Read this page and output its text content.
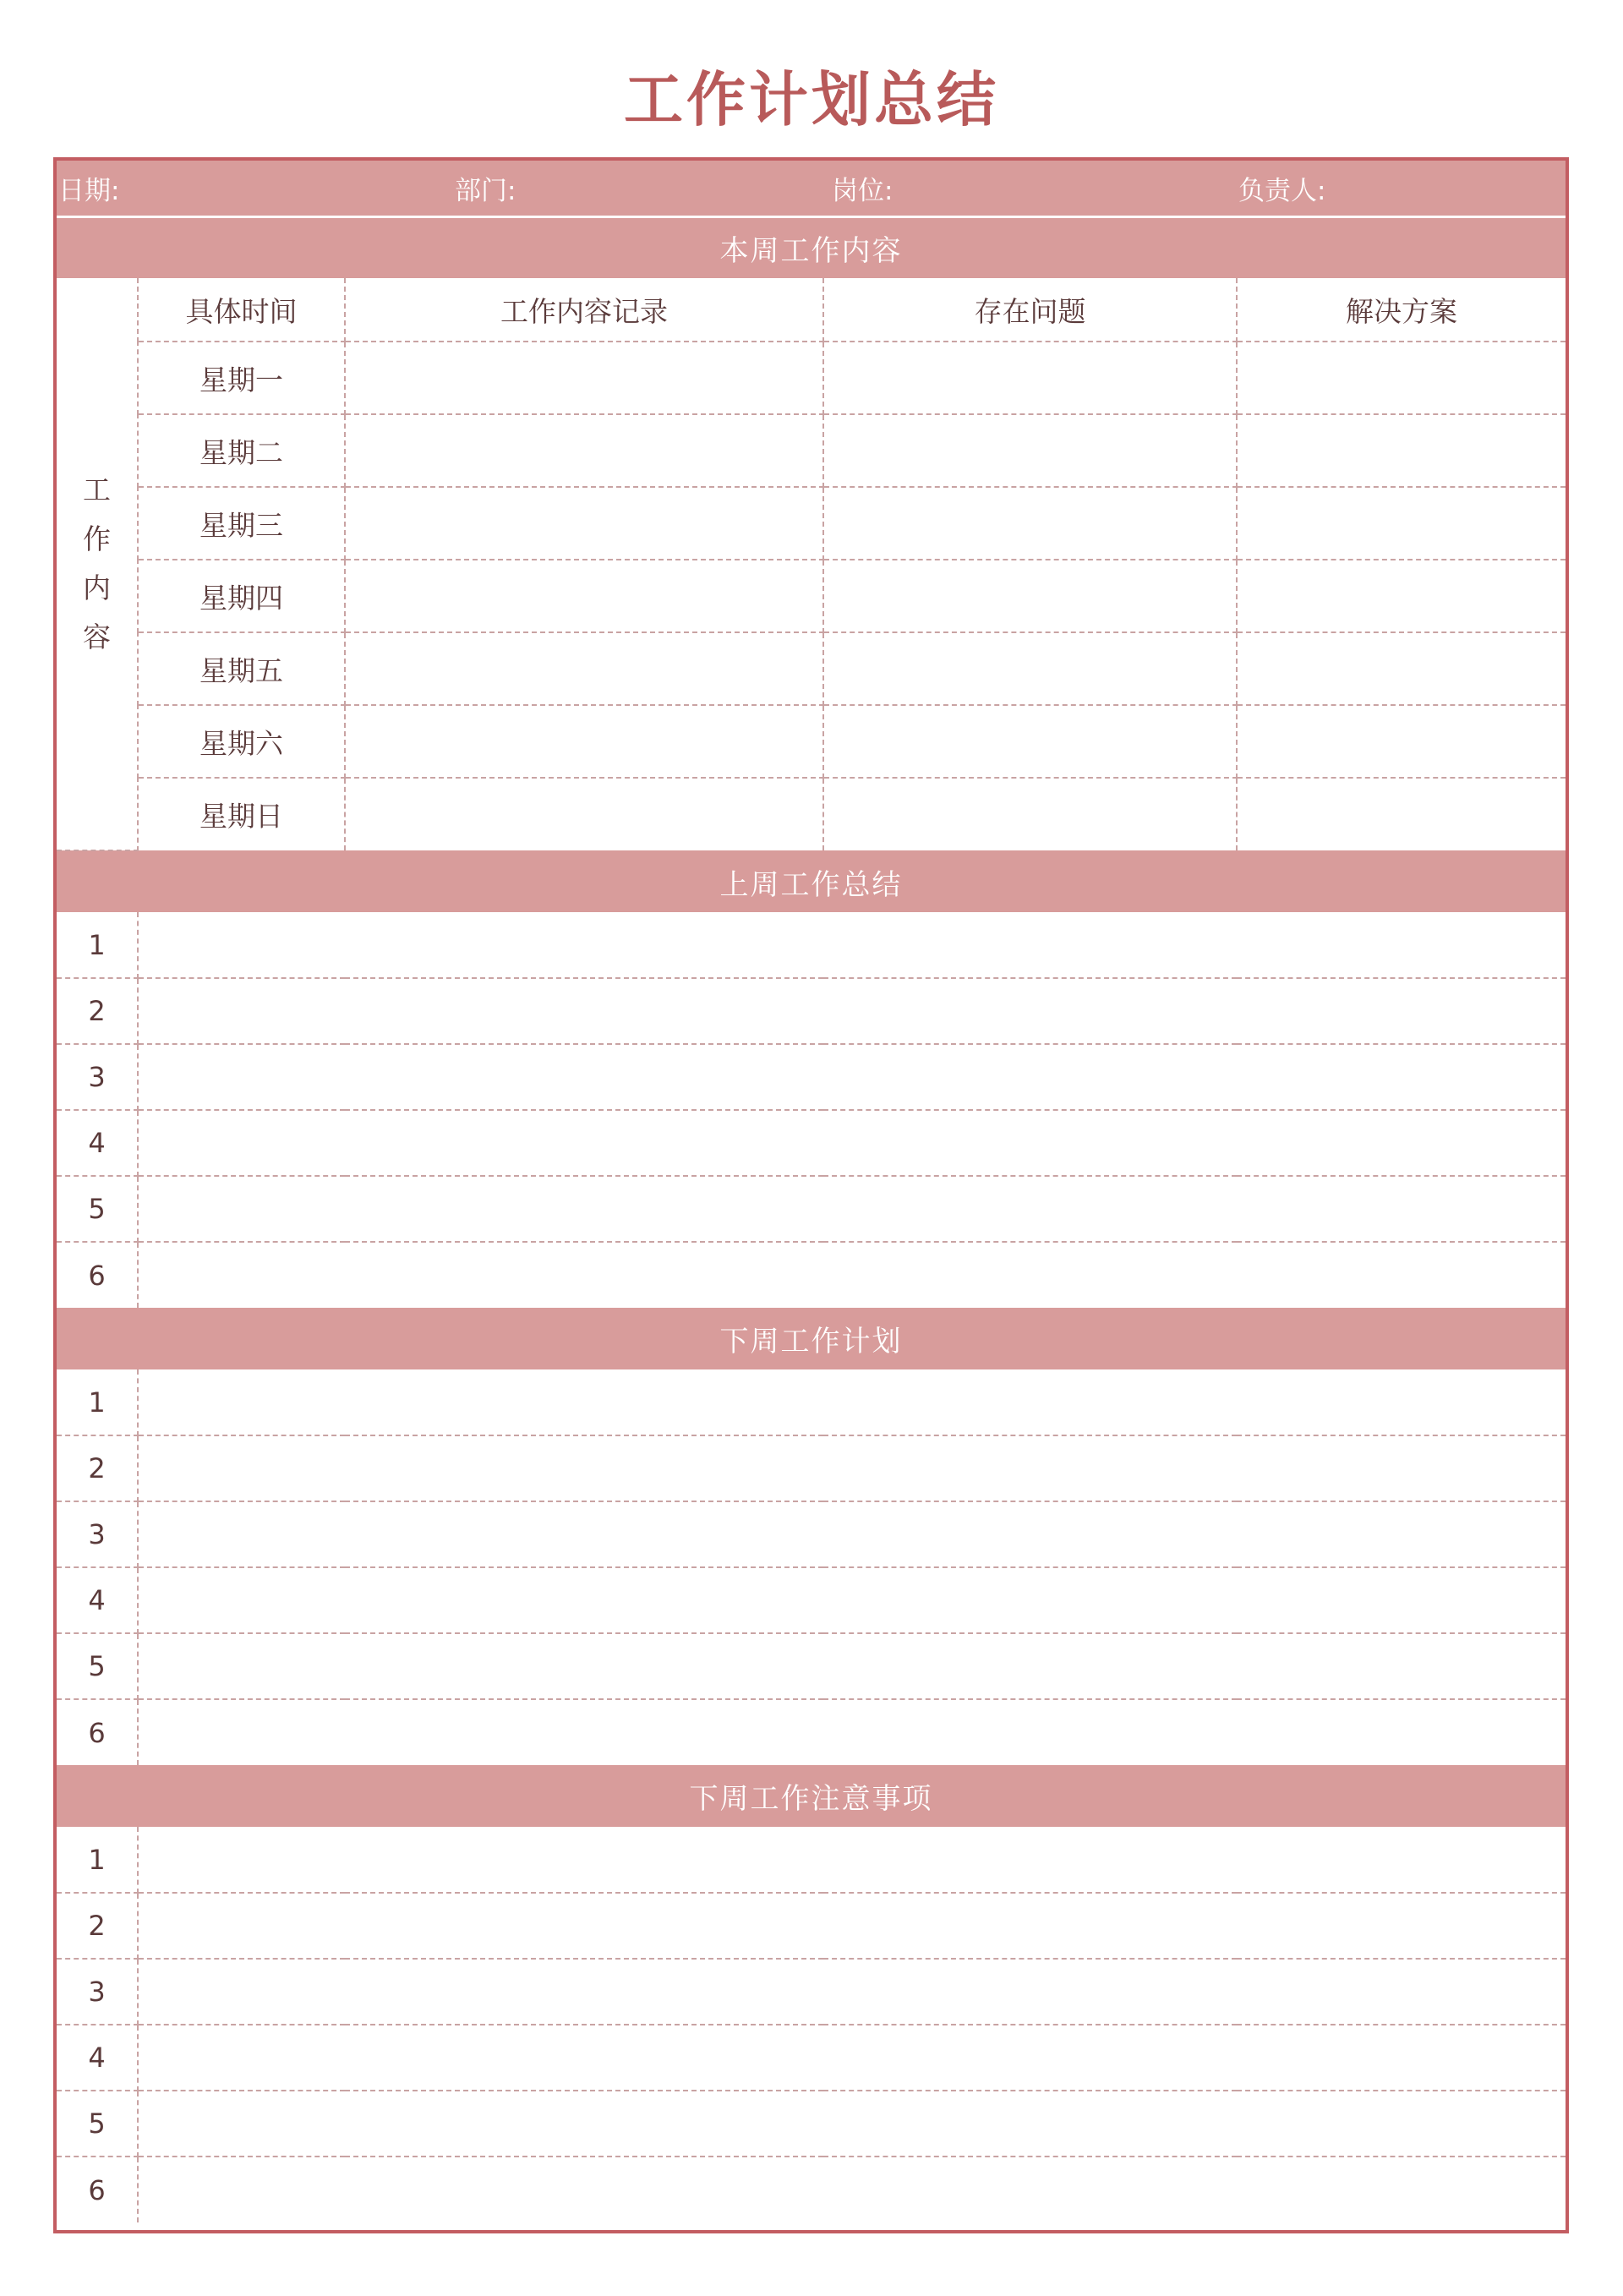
工作计划总结
日期:		部门:	岗位:	负责人:
本周工作内容				

工
作
内
容	具体时间	工作内容记录	存在问题	解决方案
	星期一			
	星期二			
	星期三			
	星期四			
	星期五			
	星期六			
	星期日			
上周工作总结				
1				
2				
3				
4				
5				
6				
下周工作计划				
1				
2				
3				
4				
5				
6				
下周工作注意事项				
1				
2				
3				
4				
5				
6				
